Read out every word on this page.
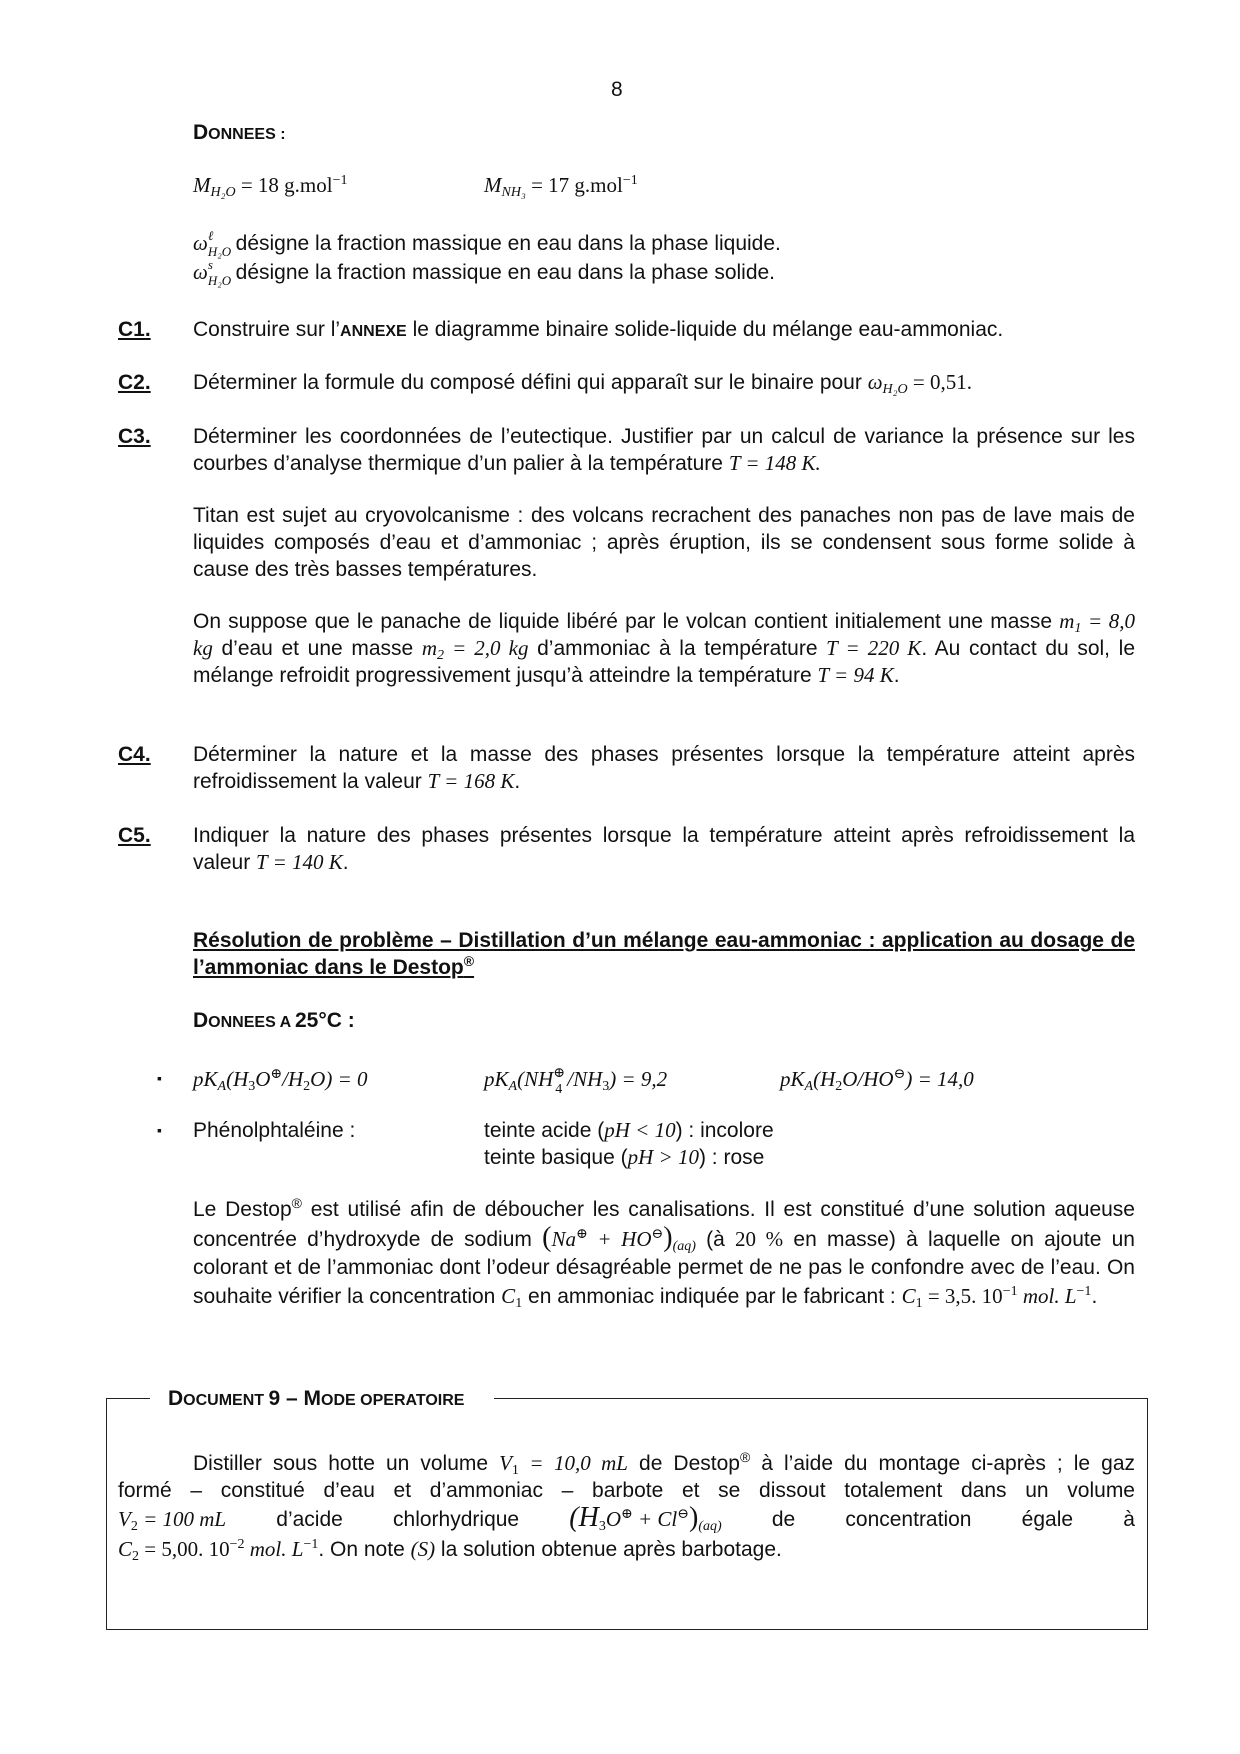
8
DONNEES :
$M_{H_2O} = 18$ g.mol$^{-1}$	$M_{NH_3} = 17$ g.mol$^{-1}$
ω ℓ
H₂O
désigne la fraction massique en eau dans la phase liquide.
ω s
H₂O
désigne la fraction massique en eau dans la phase solide.
C1. Construire sur l’ANNEXE le diagramme binaire solide-liquide du mélange eau-ammoniac.
C2. Déterminer la formule du composé défini qui apparaît sur le binaire pour $\omega_{H_2O} = 0,51$.
C3. Déterminer les coordonnées de l’eutectique. Justifier par un calcul de variance la présence sur les courbes d’analyse thermique d’un palier à la température T = 148 K.
Titan est sujet au cryovolcanisme : des volcans recrachent des panaches non pas de lave mais de liquides composés d’eau et d’ammoniac ; après éruption, ils se condensent sous forme solide à cause des très basses températures.
On suppose que le panache de liquide libéré par le volcan contient initialement une masse $m_1 = 8,0$ kg d’eau et une masse $m_2 = 2,0$ kg d’ammoniac à la température T = 220 K. Au contact du sol, le mélange refroidit progressivement jusqu’à atteindre la température T = 94 K.
C4. Déterminer la nature et la masse des phases présentes lorsque la température atteint après refroidissement la valeur T = 168 K.
C5. Indiquer la nature des phases présentes lorsque la température atteint après refroidissement la valeur T = 140 K.
Résolution de problème – Distillation d’un mélange eau-ammoniac : application au dosage de l’ammoniac dans le Destop®
DONNEES A 25°C :
▪ $pK_A(H_3O^\oplus/H_2O) = 0$	$pK_A(NH$ ⊕
4 $/NH_3) = 9,2$	$pK_A(H_2O/HO^⊖) = 14,0$
▪ Phénolphtaléine :	teinte acide (pH < 10) : incolore
teinte basique (pH > 10) : rose
Le Destop® est utilisé afin de déboucher les canalisations. Il est constitué d’une solution aqueuse concentrée d’hydroxyde de sodium $(Na^\oplus + HO^⊖)_{(aq)}$ (à 20 % en masse) à laquelle on ajoute un colorant et de l’ammoniac dont l’odeur désagréable permet de ne pas le confondre avec de l’eau. On souhaite vérifier la concentration $C_1$ en ammoniac indiquée par le fabricant : $C_1 = 3,5$. $10^{-1}$ mol. $L^{-1}$.
DOCUMENT 9 – MODE OPERATOIRE
Distiller sous hotte un volume $V_1 = 10,0$ mL de Destop® à l’aide du montage ci-après ; le gaz
formé – constitué d’eau et d’ammoniac – barbote et se dissout totalement dans un volume
$V_2 = 100$ mL d’acide chlorhydrique $(H_3O^\oplus + Cl^⊖)_{(aq)}$ de concentration égale à
$C_2 = 5,00$. $10^{-2}$ mol. $L^{-1}$. On note (S) la solution obtenue après barbotage.
